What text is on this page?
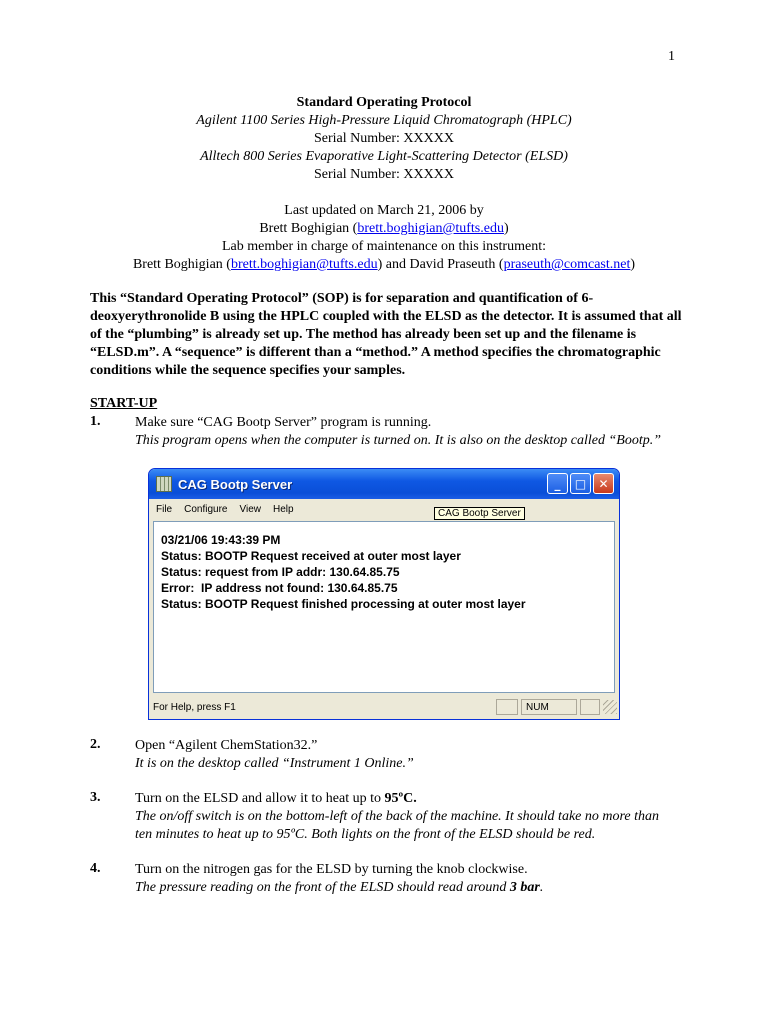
1
Standard Operating Protocol
Agilent 1100 Series High-Pressure Liquid Chromatograph (HPLC)
Serial Number: XXXXX
Alltech 800 Series Evaporative Light-Scattering Detector (ELSD)
Serial Number: XXXXX
Last updated on March 21, 2006 by
Brett Boghigian (brett.boghigian@tufts.edu)
Lab member in charge of maintenance on this instrument:
Brett Boghigian (brett.boghigian@tufts.edu) and David Praseuth (praseuth@comcast.net)
This “Standard Operating Protocol” (SOP) is for separation and quantification of 6-deoxyerythronolide B using the HPLC coupled with the ELSD as the detector. It is assumed that all of the “plumbing” is already set up. The method has already been set up and the filename is “ELSD.m”. A “sequence” is different than a “method.” A method specifies the chromatographic conditions while the sequence specifies your samples.
START-UP
1. Make sure “CAG Bootp Server” program is running.
This program opens when the computer is turned on. It is also on the desktop called “Bootp.”
CAG Bootp Server	_	□	✕
File Configure View Help	CAG Bootp Server
03/21/06 19:43:39 PM
Status: BOOTP Request received at outer most layer
Status: request from IP addr: 130.64.85.75
Error:  IP address not found: 130.64.85.75
Status: BOOTP Request finished processing at outer most layer
For Help, press F1	NUM
2. Open “Agilent ChemStation32.”
It is on the desktop called “Instrument 1 Online.”
3. Turn on the ELSD and allow it to heat up to 95ºC.
The on/off switch is on the bottom-left of the back of the machine. It should take no more than ten minutes to heat up to 95ºC. Both lights on the front of the ELSD should be red.
4. Turn on the nitrogen gas for the ELSD by turning the knob clockwise.
The pressure reading on the front of the ELSD should read around 3 bar.
